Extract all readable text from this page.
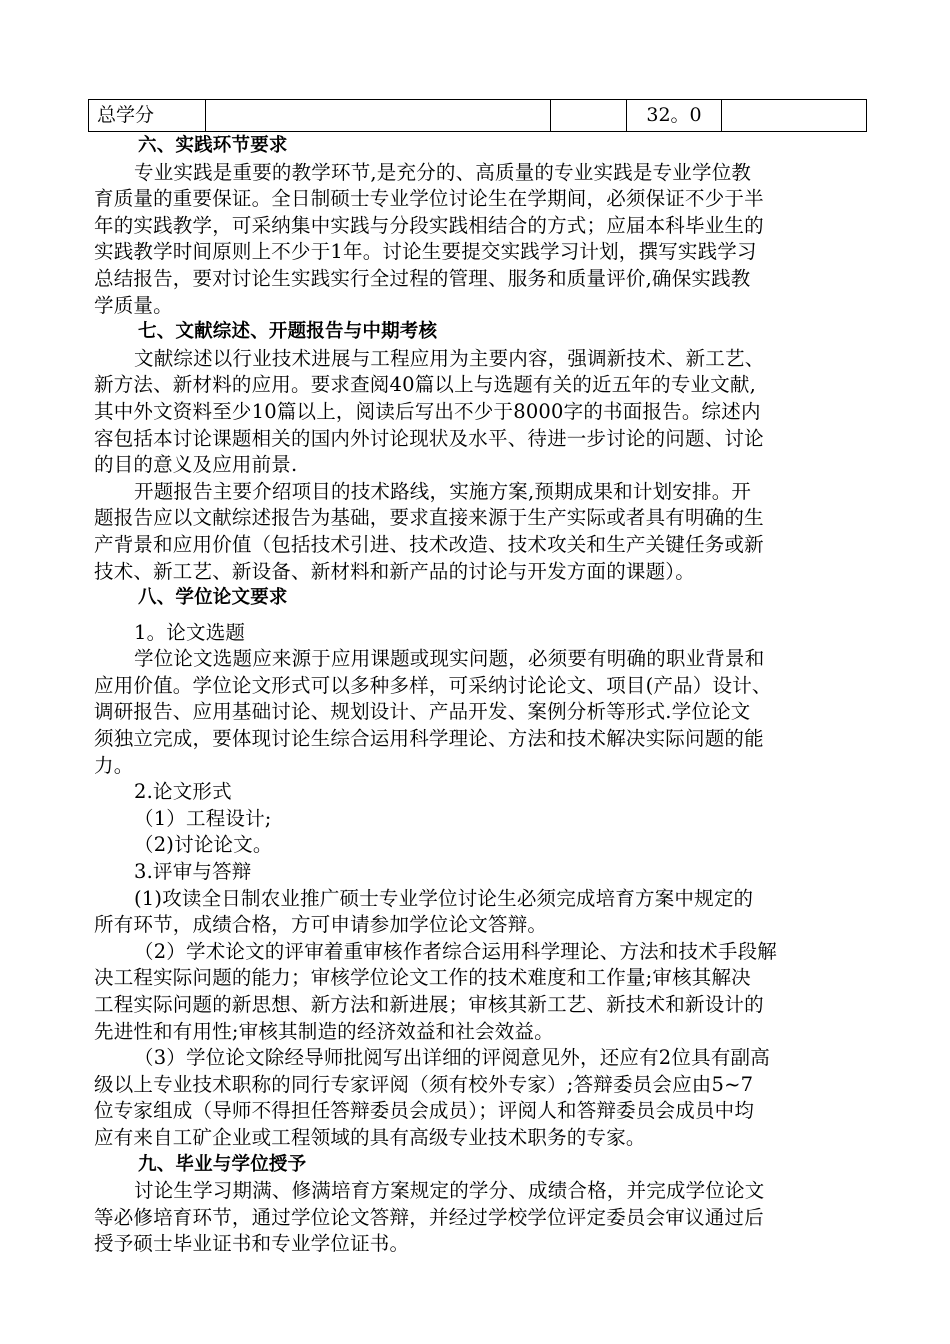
总学分			32。0	
六、实践环节要求
专业实践是重要的教学环节,是充分的、高质量的专业实践是专业学位教
育质量的重要保证。全日制硕士专业学位讨论生在学期间，必须保证不少于半
年的实践教学，可采纳集中实践与分段实践相结合的方式；应届本科毕业生的
实践教学时间原则上不少于1年。讨论生要提交实践学习计划，撰写实践学习
总结报告，要对讨论生实践实行全过程的管理、服务和质量评价,确保实践教
学质量。
七、文献综述、开题报告与中期考核
文献综述以行业技术进展与工程应用为主要内容，强调新技术、新工艺、
新方法、新材料的应用。要求查阅40篇以上与选题有关的近五年的专业文献,
其中外文资料至少10篇以上，阅读后写出不少于8000字的书面报告。综述内
容包括本讨论课题相关的国内外讨论现状及水平、待进一步讨论的问题、讨论
的目的意义及应用前景.
开题报告主要介绍项目的技术路线，实施方案,预期成果和计划安排。开
题报告应以文献综述报告为基础，要求直接来源于生产实际或者具有明确的生
产背景和应用价值（包括技术引进、技术改造、技术攻关和生产关键任务或新
技术、新工艺、新设备、新材料和新产品的讨论与开发方面的课题）。
八、学位论文要求
1。论文选题
学位论文选题应来源于应用课题或现实问题，必须要有明确的职业背景和
应用价值。学位论文形式可以多种多样，可采纳讨论论文、项目(产品）设计、
调研报告、应用基础讨论、规划设计、产品开发、案例分析等形式.学位论文
须独立完成，要体现讨论生综合运用科学理论、方法和技术解决实际问题的能
力。
2.论文形式
（1）工程设计;
（2)讨论论文。
3.评审与答辩
(1)攻读全日制农业推广硕士专业学位讨论生必须完成培育方案中规定的
所有环节，成绩合格，方可申请参加学位论文答辩。
（2）学术论文的评审着重审核作者综合运用科学理论、方法和技术手段解
决工程实际问题的能力；审核学位论文工作的技术难度和工作量;审核其解决
工程实际问题的新思想、新方法和新进展；审核其新工艺、新技术和新设计的
先进性和有用性;审核其制造的经济效益和社会效益。
（3）学位论文除经导师批阅写出详细的评阅意见外，还应有2位具有副高
级以上专业技术职称的同行专家评阅（须有校外专家）;答辩委员会应由5~7
位专家组成（导师不得担任答辩委员会成员）；评阅人和答辩委员会成员中均
应有来自工矿企业或工程领域的具有高级专业技术职务的专家。
九、毕业与学位授予
讨论生学习期满、修满培育方案规定的学分、成绩合格，并完成学位论文
等必修培育环节，通过学位论文答辩，并经过学校学位评定委员会审议通过后
授予硕士毕业证书和专业学位证书。
